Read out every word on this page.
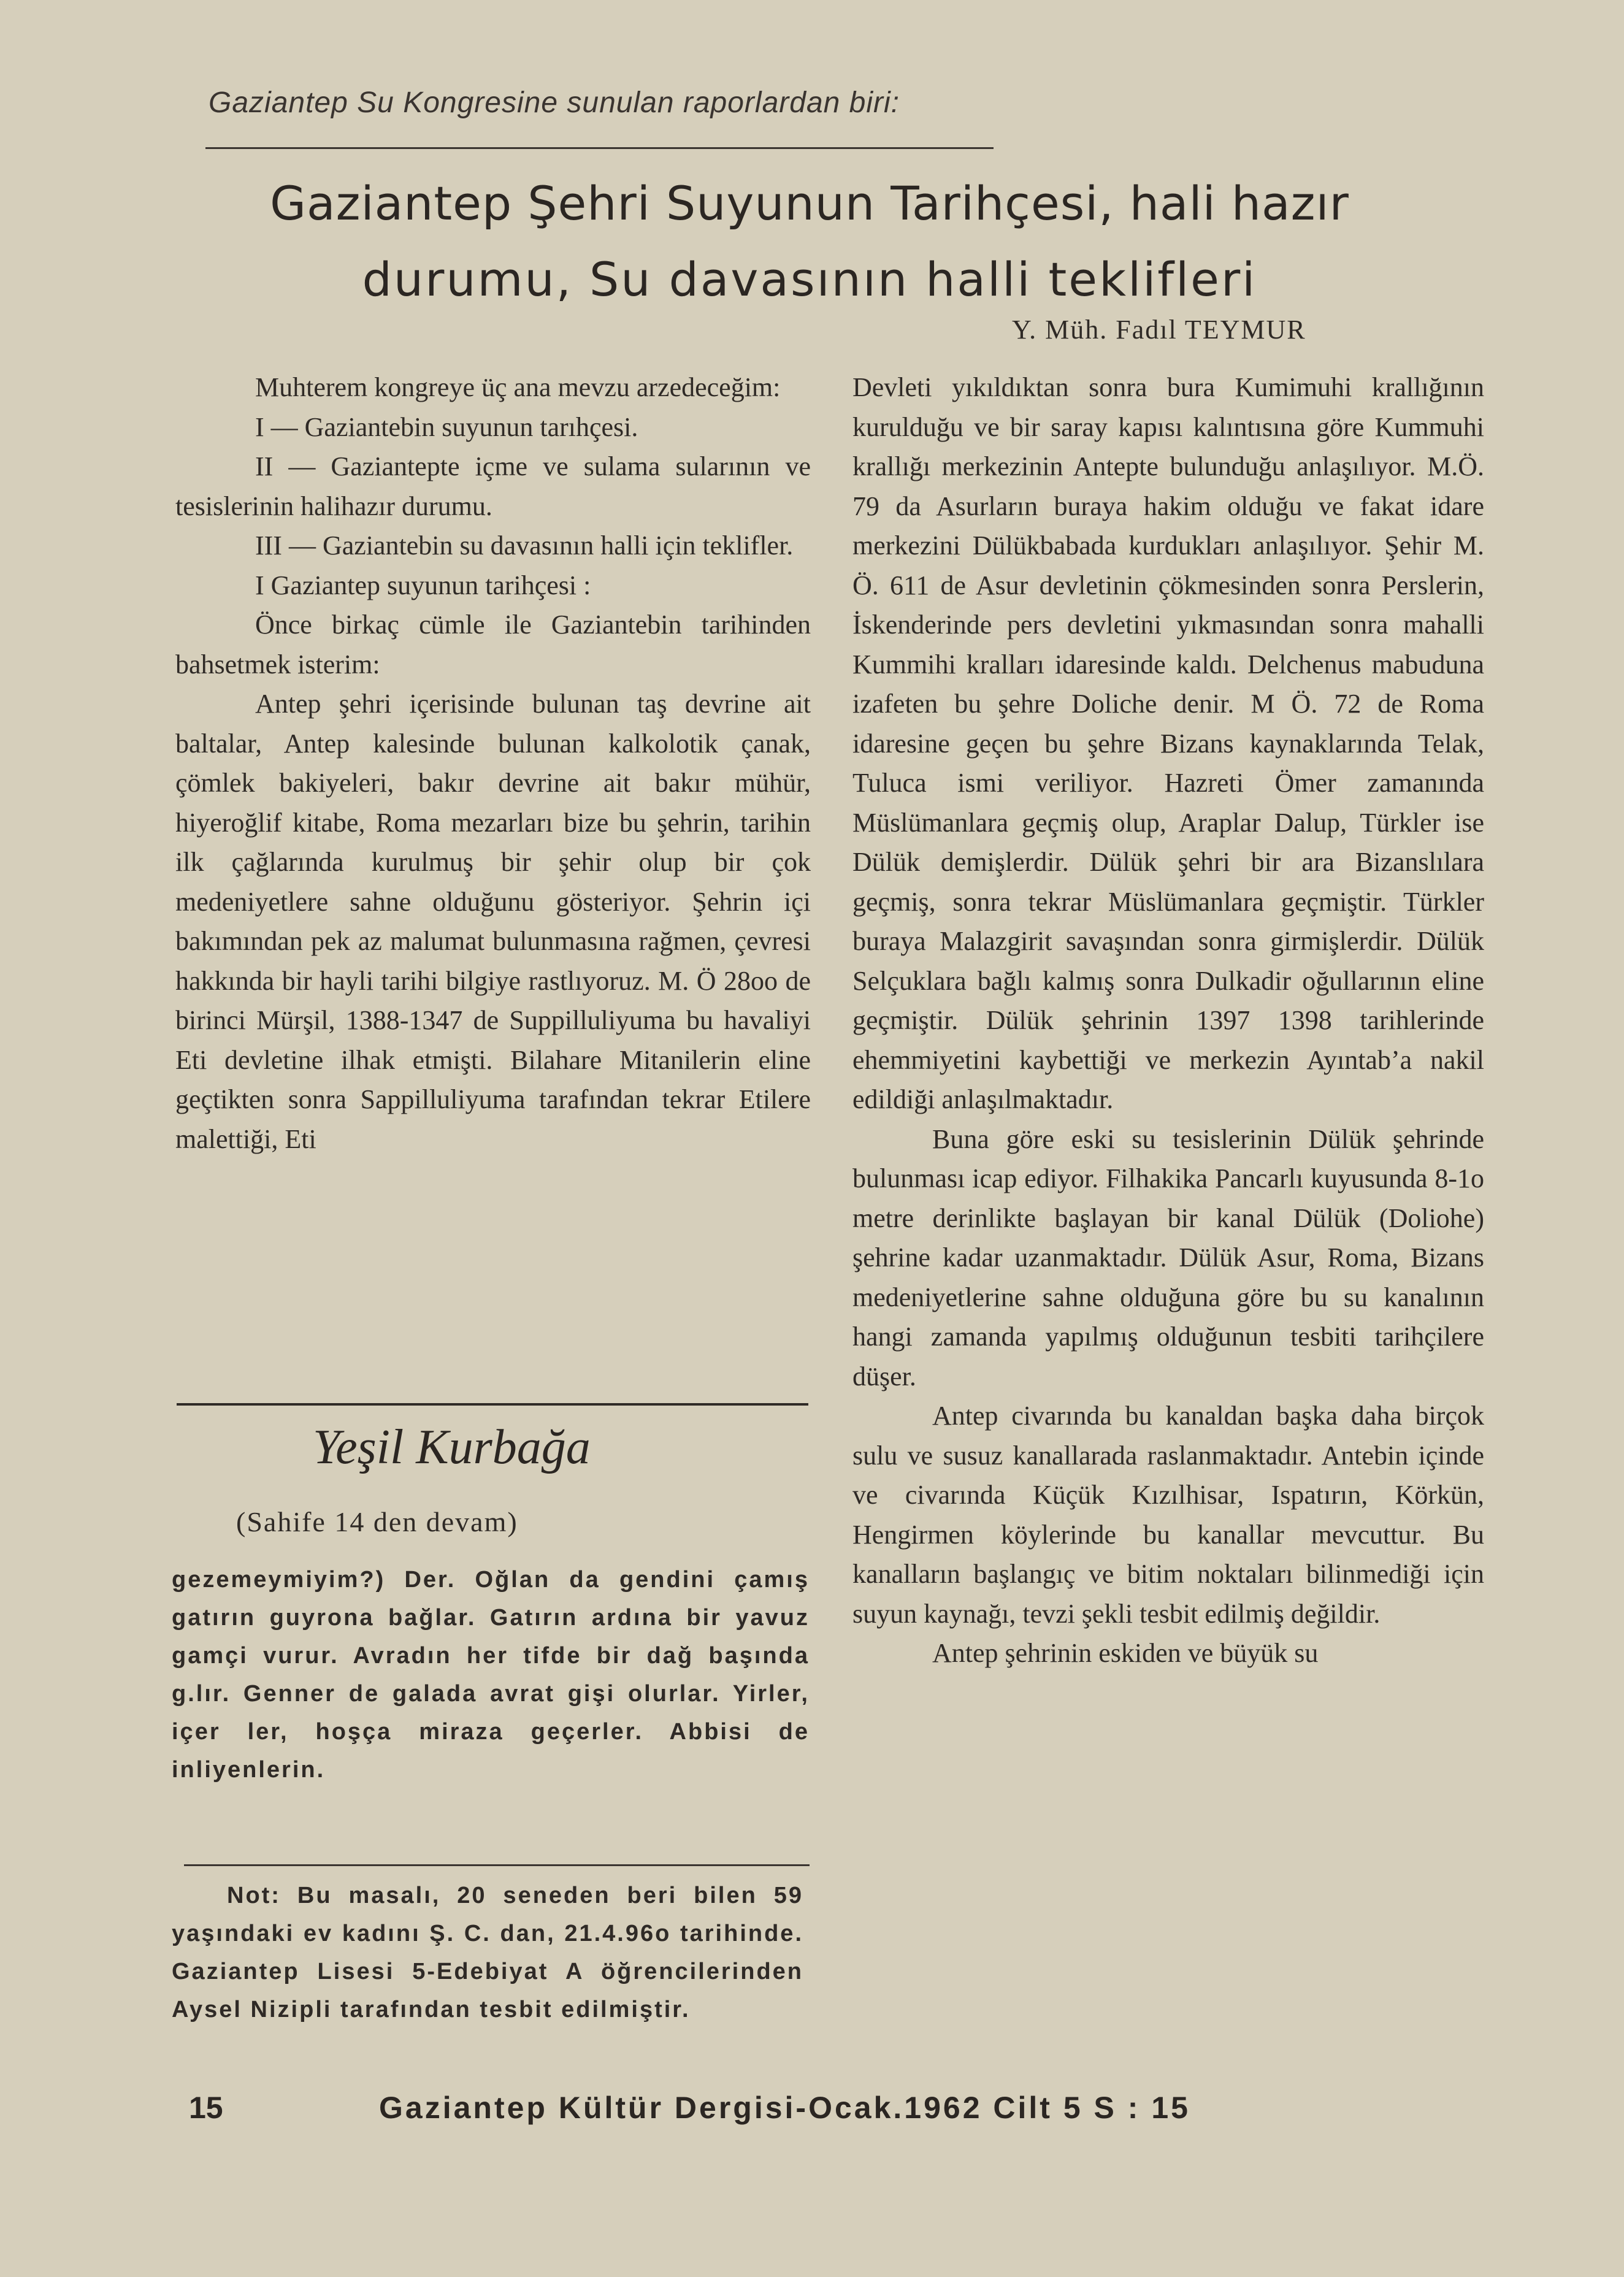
Gaziantep Su Kongresine sunulan raporlardan biri:
Gaziantep Şehri Suyunun Tarihçesi, hali hazır
durumu, Su davasının halli teklifleri
Y. Müh. Fadıl TEYMUR

Muhterem kongreye üç ana mevzu arzedeceğim:

I — Gaziantebin suyunun tarıhçesi.

II — Gaziantepte içme ve sulama sularının ve tesislerinin halihazır durumu.

III — Gaziantebin su davasının halli için teklifler.

I Gaziantep suyunun tarihçesi :

Önce birkaç cümle ile Gaziantebin tarihinden bahsetmek isterim:

Antep şehri içerisinde bulunan taş devrine ait baltalar, Antep kalesinde bulunan kalkolotik çanak, çömlek bakiyeleri, bakır devrine ait bakır mühür, hiyeroğlif kitabe, Roma mezarları bize bu şehrin, tarihin ilk çağlarında kurulmuş bir şehir olup bir çok medeniyetlere sahne olduğunu gösteriyor. Şehrin içi bakımından pek az malumat bulunmasına rağmen, çevresi hakkında bir hayli tarihi bilgiye rastlıyoruz. M. Ö 28oo de birinci Mürşil, 1388-1347 de Suppilluliyuma bu havaliyi Eti devletine ilhak etmişti. Bilahare Mitanilerin eline geçtikten sonra Sappilluliyuma tarafından tekrar Etilere malettiği, Eti

Devleti yıkıldıktan sonra bura Kumimuhi krallığının kurulduğu ve bir saray kapısı kalıntısına göre Kummuhi krallığı merkezinin Antepte bulunduğu anlaşılıyor. M.Ö. 79 da Asurların buraya hakim olduğu ve fakat idare merkezini Dülükbabada kurdukları anlaşılıyor. Şehir M. Ö. 611 de Asur devletinin çökmesinden sonra Perslerin, İskenderinde pers devletini yıkmasından sonra mahalli Kummihi kralları idaresinde kaldı. Delchenus mabuduna izafeten bu şehre Doliche denir. M Ö. 72 de Roma idaresine geçen bu şehre Bizans kaynaklarında Telak, Tuluca ismi veriliyor. Hazreti Ömer zamanında Müslümanlara geçmiş olup, Araplar Dalup, Türkler ise Dülük demişlerdir. Dülük şehri bir ara Bizanslılara geçmiş, sonra tekrar Müslümanlara geçmiştir. Türkler buraya Malazgirit savaşından sonra girmişlerdir. Dülük Selçuklara bağlı kalmış sonra Dulkadir oğullarının eline geçmiştir. Dülük şehrinin 1397 1398 tarihlerinde ehemmiyetini kaybettiği ve merkezin Ayıntab’a nakil edildiği anlaşılmaktadır.

Buna göre eski su tesislerinin Dülük şehrinde bulunması icap ediyor. Filhakika Pancarlı kuyusunda 8-1o metre derinlikte başlayan bir kanal Dülük (Doliohe) şehrine kadar uzanmaktadır. Dülük Asur, Roma, Bizans medeniyetlerine sahne olduğuna göre bu su kanalının hangi zamanda yapılmış olduğunun tesbiti tarihçilere düşer.

Antep civarında bu kanaldan başka daha birçok sulu ve susuz kanallarada raslanmaktadır. Antebin içinde ve civarında Küçük Kızılhisar, Ispatırın, Körkün, Hengirmen köylerinde bu kanallar mevcuttur. Bu kanalların başlangıç ve bitim noktaları bilinmediği için suyun kaynağı, tevzi şekli tesbit edilmiş değildir.

Antep şehrinin eskiden ve büyük su

Yeşil Kurbağa
(Sahife 14 den devam)
gezemeymiyim?) Der. Oğlan da gendini çamış gatırın guyrona bağlar. Gatırın ardına bir yavuz gamçi vurur. Avradın her tifde bir dağ başında g.lır. Genner de galada avrat gişi olurlar. Yirler, içer ler, hoşça miraza geçerler. Abbisi de inliyenlerin.

Not: Bu masalı, 20 seneden beri bilen 59 yaşındaki ev kadını Ş. C. dan, 21.4.96o tarihinde. Gaziantep Lisesi 5-Edebiyat A öğrencilerinden Aysel Nizipli tarafından tesbit edilmiştir.

15	Gaziantep Kültür Dergisi-Ocak.1962 Cilt 5 S : 15
